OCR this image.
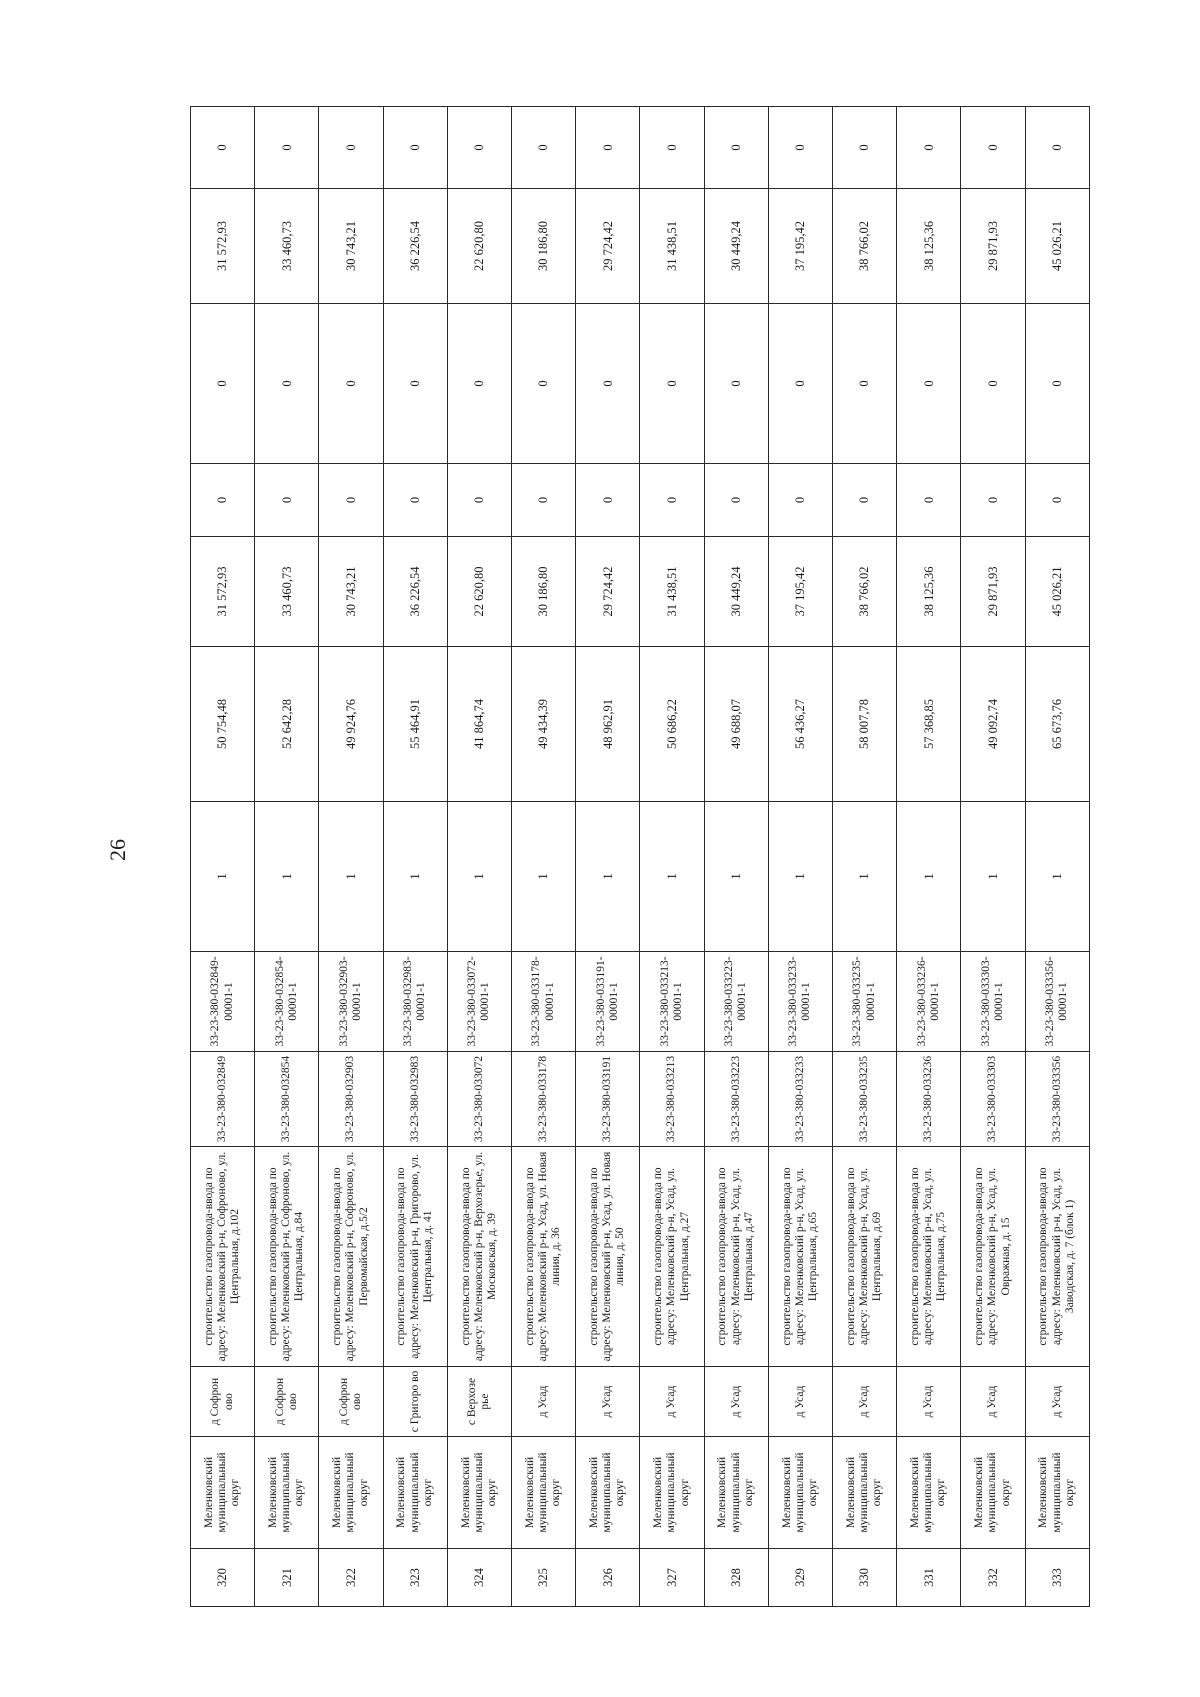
26
320	Меленковский муниципальный округ	д Софрон ово	строительство газопровода-ввода по адресу: Меленковский р-н, Софроново, ул. Центральная, д.102	33-23-380-032849	33-23-380-032849-00001-1	1	50 754,48	31 572,93	0	0	31 572,93	0
321	Меленковский муниципальный округ	д Софрон ово	строительство газопровода-ввода по адресу: Меленковский р-н, Софроново, ул. Центральная, д.84	33-23-380-032854	33-23-380-032854-00001-1	1	52 642,28	33 460,73	0	0	33 460,73	0
322	Меленковский муниципальный округ	д Софрон ово	строительство газопровода-ввода по адресу: Меленковский р-н, Софроново, ул. Первомайская, д.5/2	33-23-380-032903	33-23-380-032903-00001-1	1	49 924,76	30 743,21	0	0	30 743,21	0
323	Меленковский муниципальный округ	с Григоро во	строительство газопровода-ввода по адресу: Меленковский р-н, Григорово, ул. Центральная, д. 41	33-23-380-032983	33-23-380-032983-00001-1	1	55 464,91	36 226,54	0	0	36 226,54	0
324	Меленковский муниципальный округ	с Верхозе рье	строительство газопровода-ввода по адресу: Меленковский р-н, Верхозерье, ул. Московская, д. 39	33-23-380-033072	33-23-380-033072-00001-1	1	41 864,74	22 620,80	0	0	22 620,80	0
325	Меленковский муниципальный округ	д Усад	строительство газопровода-ввода по адресу: Меленковский р-н, Усад, ул. Новая линия, д. 36	33-23-380-033178	33-23-380-033178-00001-1	1	49 434,39	30 186,80	0	0	30 186,80	0
326	Меленковский муниципальный округ	д Усад	строительство газопровода-ввода по адресу: Меленковский р-н, Усад, ул. Новая линия, д. 50	33-23-380-033191	33-23-380-033191-00001-1	1	48 962,91	29 724,42	0	0	29 724,42	0
327	Меленковский муниципальный округ	д Усад	строительство газопровода-ввода по адресу: Меленковский р-н, Усад, ул. Центральная, д.27	33-23-380-033213	33-23-380-033213-00001-1	1	50 686,22	31 438,51	0	0	31 438,51	0
328	Меленковский муниципальный округ	д Усад	строительство газопровода-ввода по адресу: Меленковский р-н, Усад, ул. Центральная, д.47	33-23-380-033223	33-23-380-033223-00001-1	1	49 688,07	30 449,24	0	0	30 449,24	0
329	Меленковский муниципальный округ	д Усад	строительство газопровода-ввода по адресу: Меленковский р-н, Усад, ул. Центральная, д.65	33-23-380-033233	33-23-380-033233-00001-1	1	56 436,27	37 195,42	0	0	37 195,42	0
330	Меленковский муниципальный округ	д Усад	строительство газопровода-ввода по адресу: Меленковский р-н, Усад, ул. Центральная, д.69	33-23-380-033235	33-23-380-033235-00001-1	1	58 007,78	38 766,02	0	0	38 766,02	0
331	Меленковский муниципальный округ	д Усад	строительство газопровода-ввода по адресу: Меленковский р-н, Усад, ул. Центральная, д.75	33-23-380-033236	33-23-380-033236-00001-1	1	57 368,85	38 125,36	0	0	38 125,36	0
332	Меленковский муниципальный округ	д Усад	строительство газопровода-ввода по адресу: Меленковский р-н, Усад, ул. Овражная, д. 15	33-23-380-033303	33-23-380-033303-00001-1	1	49 092,74	29 871,93	0	0	29 871,93	0
333	Меленковский муниципальный округ	д Усад	строительство газопровода-ввода по адресу: Меленковский р-н, Усад, ул. Заводская, д. 7 (блок 1)	33-23-380-033356	33-23-380-033356-00001-1	1	65 673,76	45 026,21	0	0	45 026,21	0
